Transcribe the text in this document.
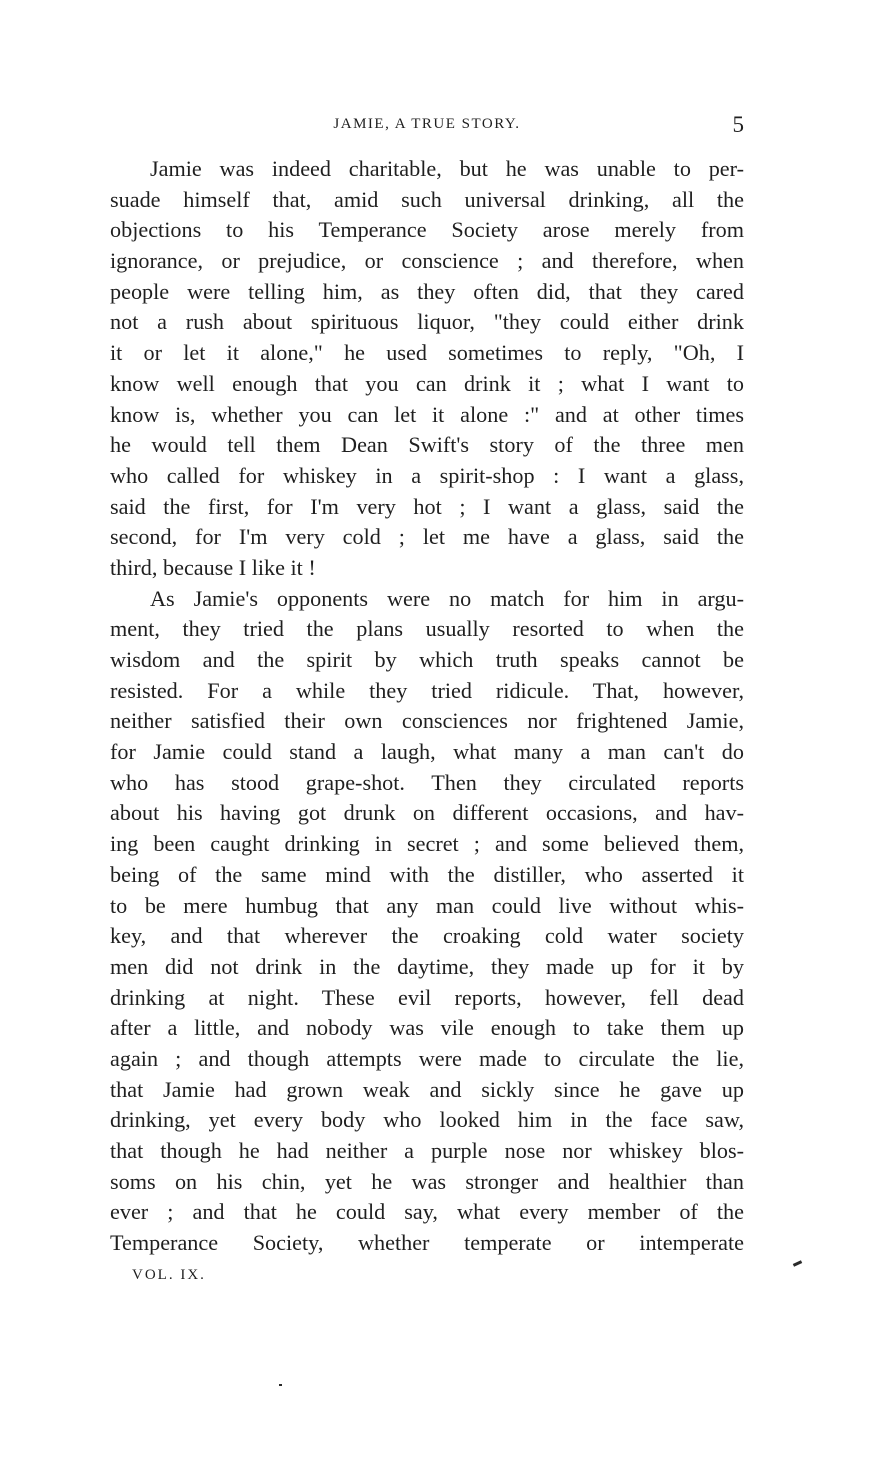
JAMIE, A TRUE STORY.	5
Jamie was indeed charitable, but he was unable to per-
suade himself that, amid such universal drinking, all the
objections to his Temperance Society arose merely from
ignorance, or prejudice, or conscience ; and therefore, when
people were telling him, as they often did, that they cared
not a rush about spirituous liquor, "they could either drink
it or let it alone," he used sometimes to reply, "Oh, I
know well enough that you can drink it ; what I want to
know is, whether you can let it alone :" and at other times
he would tell them Dean Swift's story of the three men
who called for whiskey in a spirit-shop : I want a glass,
said the first, for I'm very hot ; I want a glass, said the
second, for I'm very cold ; let me have a glass, said the
third, because I like it !
As Jamie's opponents were no match for him in argu-
ment, they tried the plans usually resorted to when the
wisdom and the spirit by which truth speaks cannot be
resisted. For a while they tried ridicule. That, however,
neither satisfied their own consciences nor frightened Jamie,
for Jamie could stand a laugh, what many a man can't do
who has stood grape-shot. Then they circulated reports
about his having got drunk on different occasions, and hav-
ing been caught drinking in secret ; and some believed them,
being of the same mind with the distiller, who asserted it
to be mere humbug that any man could live without whis-
key, and that wherever the croaking cold water society
men did not drink in the daytime, they made up for it by
drinking at night. These evil reports, however, fell dead
after a little, and nobody was vile enough to take them up
again ; and though attempts were made to circulate the lie,
that Jamie had grown weak and sickly since he gave up
drinking, yet every body who looked him in the face saw,
that though he had neither a purple nose nor whiskey blos-
soms on his chin, yet he was stronger and healthier than
ever ; and that he could say, what every member of the
Temperance Society, whether temperate or intemperate
VOL. IX.
